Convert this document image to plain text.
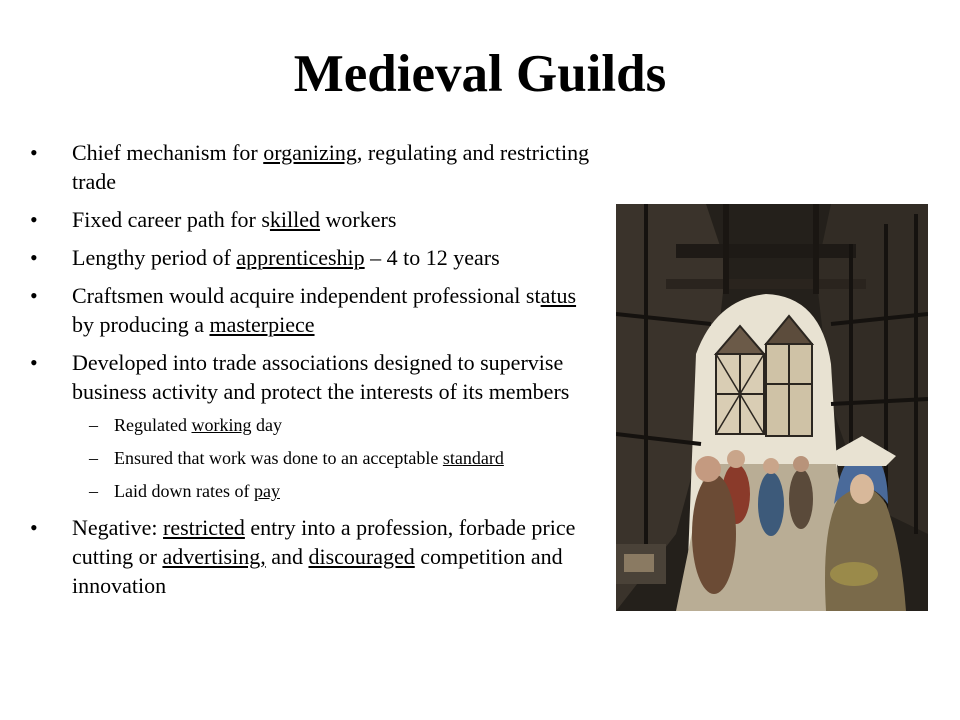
Medieval Guilds
• Chief mechanism for organizing, regulating and restricting trade
• Fixed career path for skilled workers
• Lengthy period of apprenticeship – 4 to 12 years
• Craftsmen would acquire independent professional status by producing a masterpiece
• Developed into trade associations designed to supervise business activity and protect the interests of its members
– Regulated working day
– Ensured that work was done to an acceptable standard
– Laid down rates of pay
• Negative: restricted entry into a profession, forbade price cutting or advertising, and discouraged competition and innovation
